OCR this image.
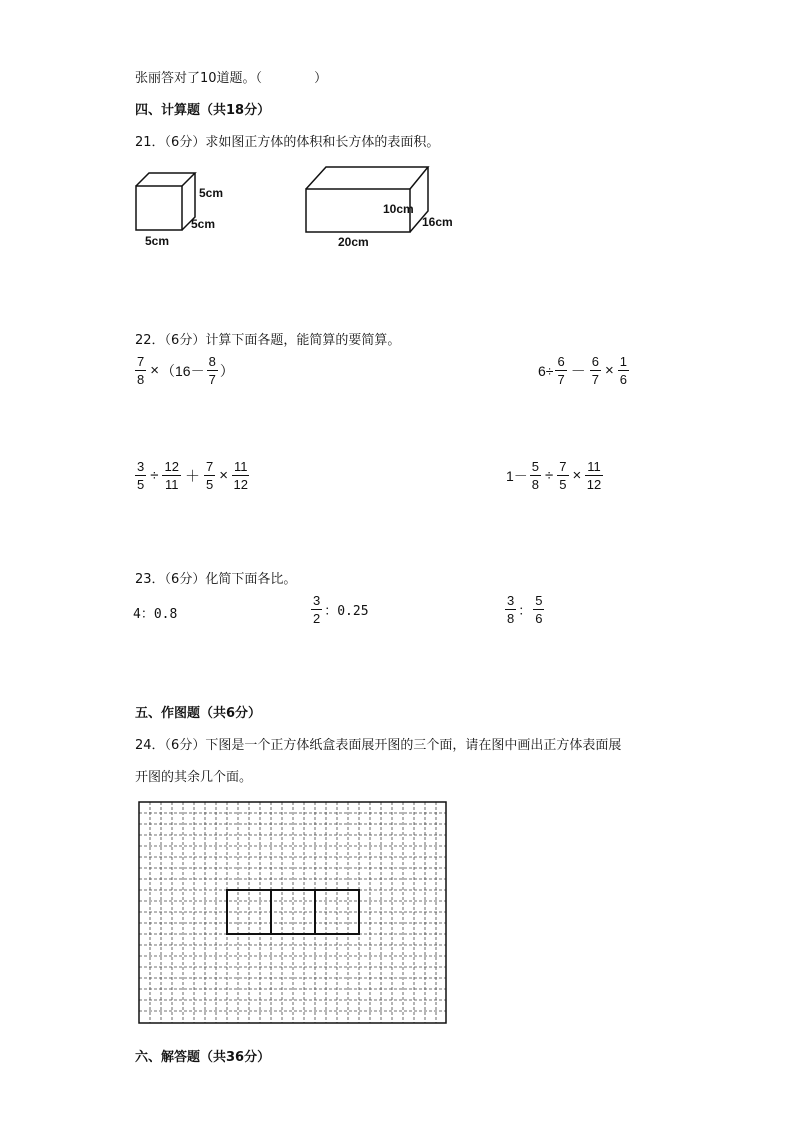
张丽答对了10道题。（　　　　	）
四、计算题（共18分）
21．（6分）求如图正方体的体积和长方体的表面积。
5cm
5cm
5cm
10cm
16cm
20cm
22．（6分）计算下面各题，能简算的要简算。
$\frac{7}{8} \times (16- \frac{8}{7}$ ）	$6\div \frac{6}{7} - \frac{6}{7} \times \frac{1}{6}$
$\frac{3}{5} \div \frac{12}{11} + \frac{7}{5} \times \frac{11}{12}$	$1- \frac{5}{8} \div \frac{7}{5} \times \frac{11}{12}$
23．（6分）化简下面各比。
4：0.8	$\frac{3}{2}$ ：0.25	$\frac{3}{8}$ ： $\frac{5}{6}$
五、作图题（共6分）
24．（6分）下图是一个正方体纸盒表面展开图的三个面，请在图中画出正方体表面展
开图的其余几个面。
六、解答题（共36分）
